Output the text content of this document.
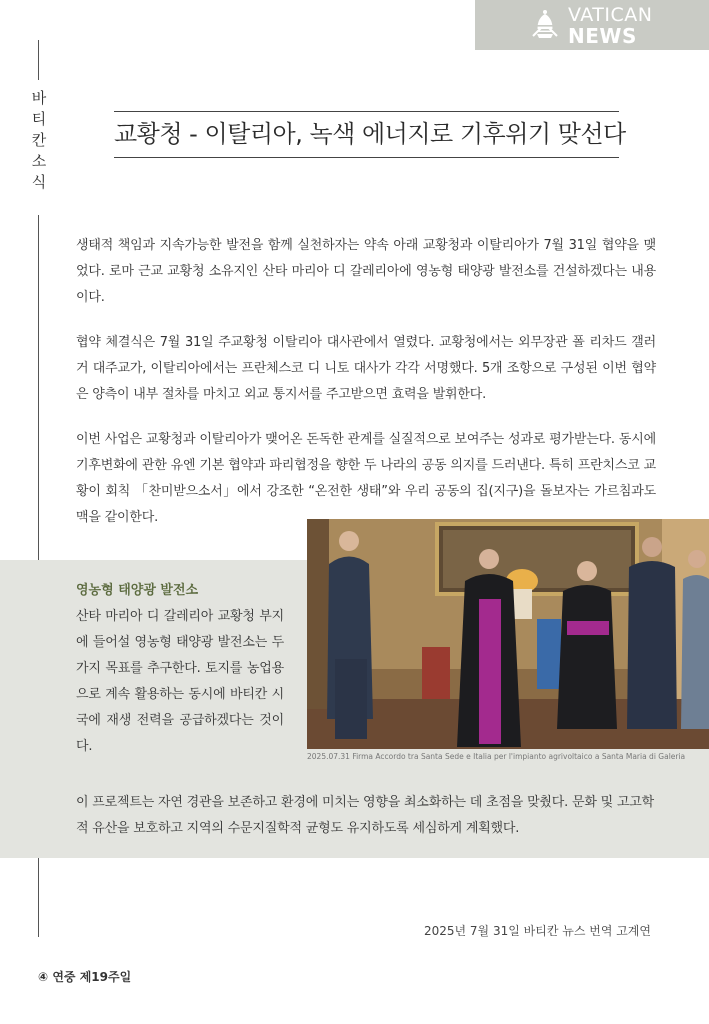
VATICAN
NEWS
바티칸소식
교황청 - 이탈리아, 녹색 에너지로 기후위기 맞선다

생태적 책임과 지속가능한 발전을 함께 실천하자는 약속 아래 교황청과 이탈리아가 7월 31일 협약을 맺었다. 로마 근교 교황청 소유지인 산타 마리아 디 갈레리아에 영농형 태양광 발전소를 건설하겠다는 내용이다.

협약 체결식은 7월 31일 주교황청 이탈리아 대사관에서 열렸다. 교황청에서는 외무장관 폴 리차드 갤러거 대주교가, 이탈리아에서는 프란체스코 디 니토 대사가 각각 서명했다. 5개 조항으로 구성된 이번 협약은 양측이 내부 절차를 마치고 외교 통지서를 주고받으면 효력을 발휘한다.

이번 사업은 교황청과 이탈리아가 맺어온 돈독한 관계를 실질적으로 보여주는 성과로 평가받는다. 동시에 기후변화에 관한 유엔 기본 협약과 파리협정을 향한 두 나라의 공동 의지를 드러낸다. 특히 프란치스코 교황이 회칙 「찬미받으소서」에서 강조한 “온전한 생태”와 우리 공동의 집(지구)을 돌보자는 가르침과도 맥을 같이한다.

영농형 태양광 발전소
산타 마리아 디 갈레리아 교황청 부지에 들어설 영농형 태양광 발전소는 두 가지 목표를 추구한다. 토지를 농업용으로 계속 활용하는 동시에 바티칸 시국에 재생 전력을 공급하겠다는 것이다.
2025.07.31 Firma Accordo tra Santa Sede e Italia per l'impianto agrivoltaico a Santa Maria di Galeria

이 프로젝트는 자연 경관을 보존하고 환경에 미치는 영향을 최소화하는 데 초점을 맞췄다. 문화 및 고고학적 유산을 보호하고 지역의 수문지질학적 균형도 유지하도록 세심하게 계획했다.

2025년 7월 31일 바티칸 뉴스 번역 고계연
④ 연중 제19주일
